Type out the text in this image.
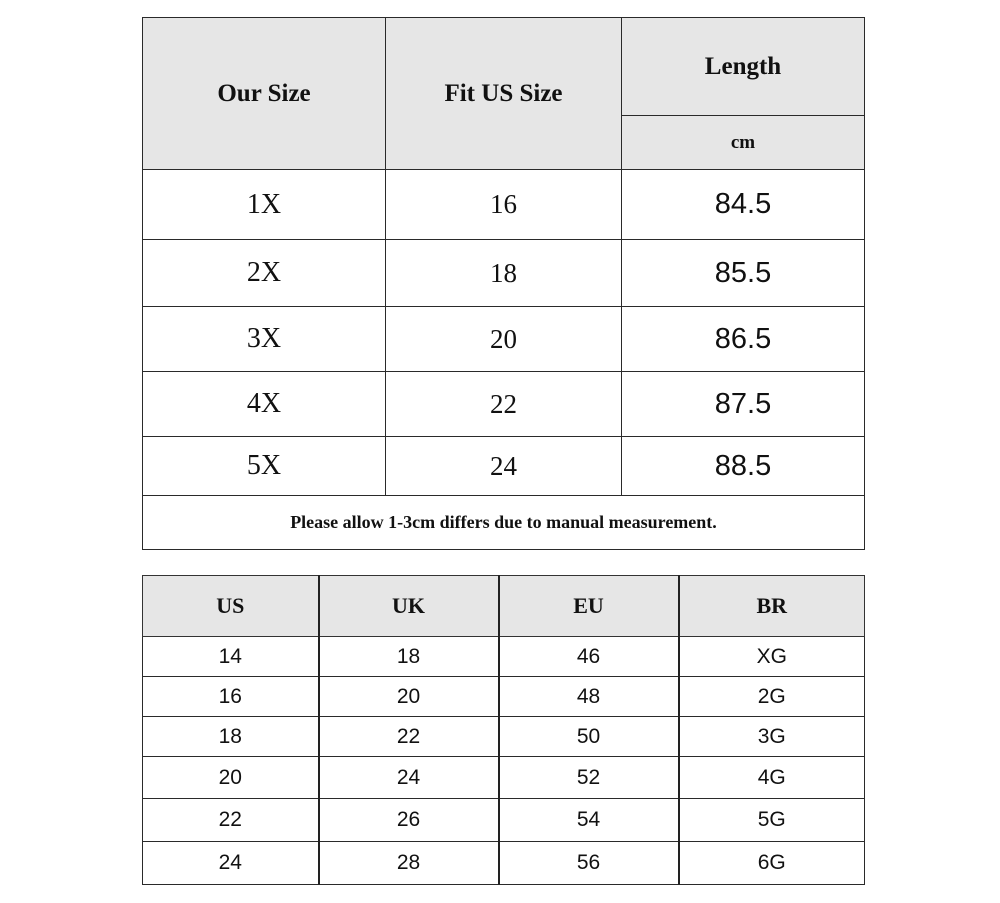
Our Size	Fit US Size	Length
		cm
1X	16	84.5
2X	18	85.5
3X	20	86.5
4X	22	87.5
5X	24	88.5
Please allow 1-3cm differs due to manual measurement.		
US	UK	EU	BR
14	18	46	XG
16	20	48	2G
18	22	50	3G
20	24	52	4G
22	26	54	5G
24	28	56	6G
